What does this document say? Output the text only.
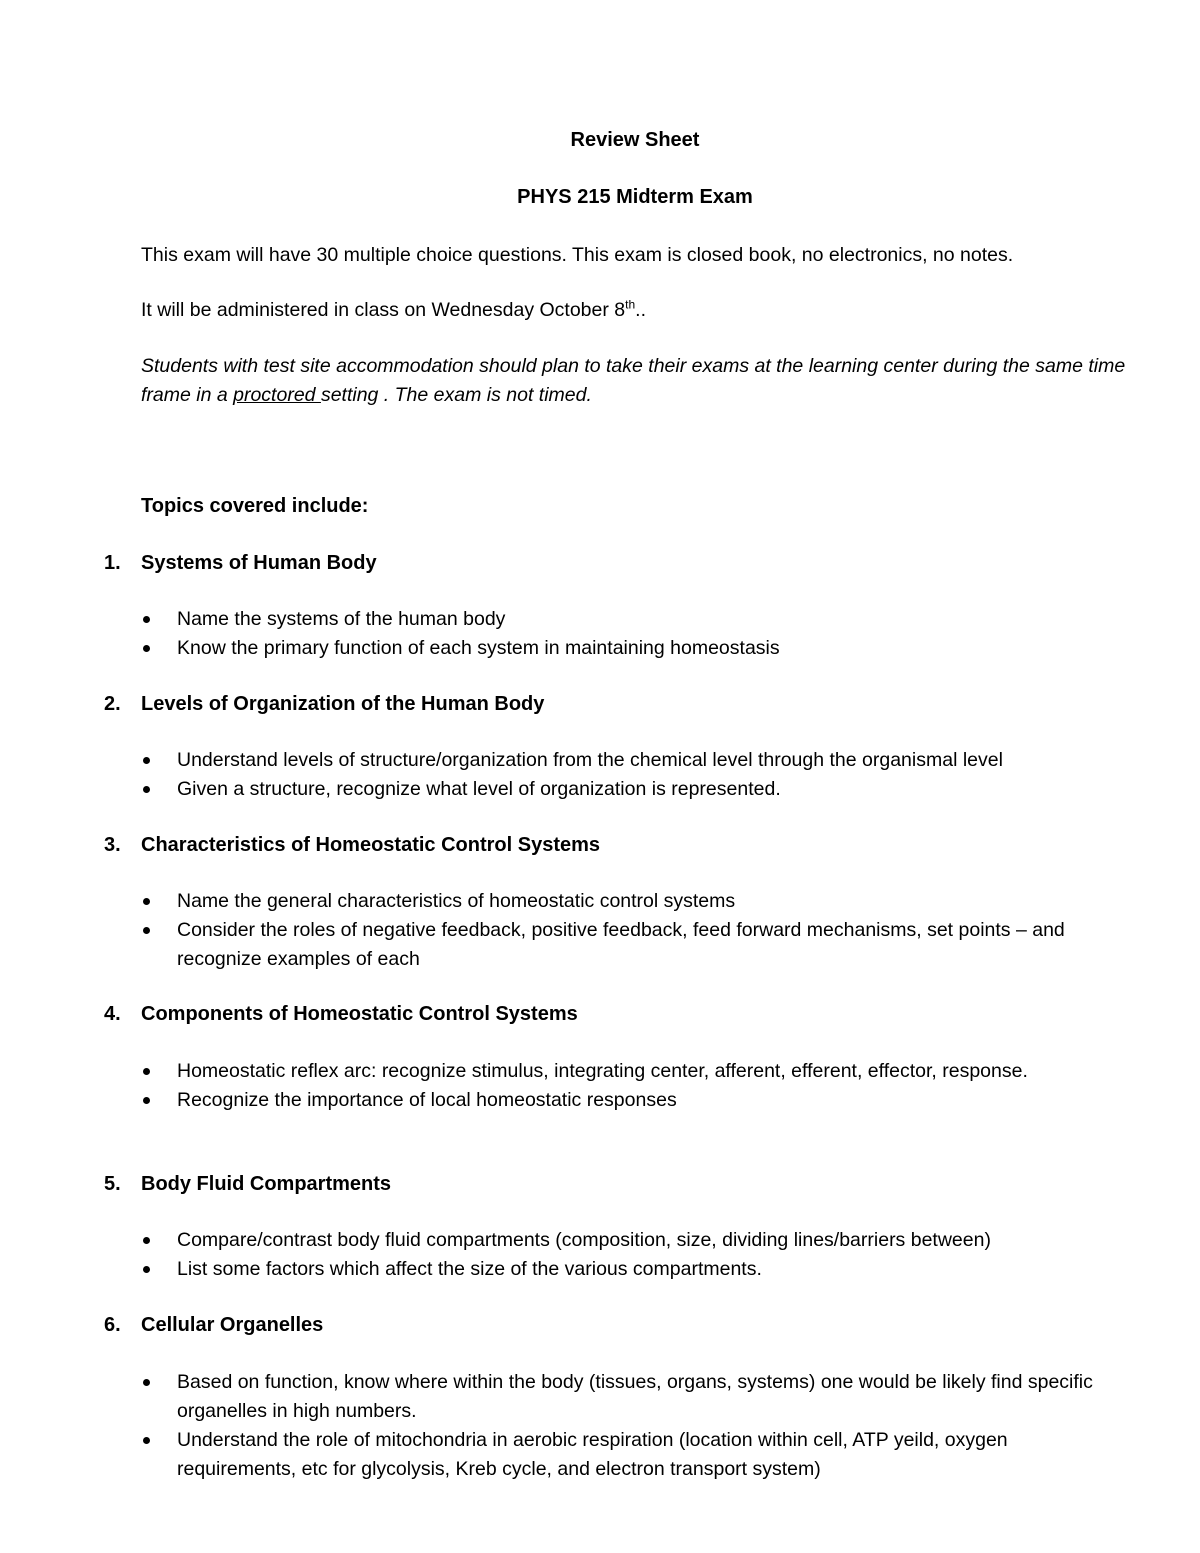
Review Sheet
PHYS 215 Midterm Exam
This exam will have 30 multiple choice questions. This exam is closed book, no electronics, no notes.
It will be administered in class on Wednesday October 8th..
Students with test site accommodation should plan to take their exams at the learning center during the same time frame in a proctored setting . The exam is not timed.
Topics covered include:
1.	Systems of Human Body
Name the systems of the human body
Know the primary function of each system in maintaining homeostasis
2.	Levels of Organization of the Human Body
Understand levels of structure/organization from the chemical level through the organismal level
Given a structure, recognize what level of organization is represented.
3.	Characteristics of Homeostatic Control Systems
Name the general characteristics of homeostatic control systems
Consider the roles of negative feedback, positive feedback, feed forward mechanisms, set points – and recognize examples of each
4.	Components of Homeostatic Control Systems
Homeostatic reflex arc: recognize stimulus, integrating center, afferent, efferent, effector, response.
Recognize the importance of local homeostatic responses
5.	Body Fluid Compartments
Compare/contrast body fluid compartments (composition, size, dividing lines/barriers between)
List some factors which affect the size of the various compartments.
6.	Cellular Organelles
Based on function, know where within the body (tissues, organs, systems) one would be likely find specific organelles in high numbers.
Understand the role of mitochondria in aerobic respiration (location within cell, ATP yeild, oxygen requirements, etc for glycolysis, Kreb cycle, and electron transport system)
